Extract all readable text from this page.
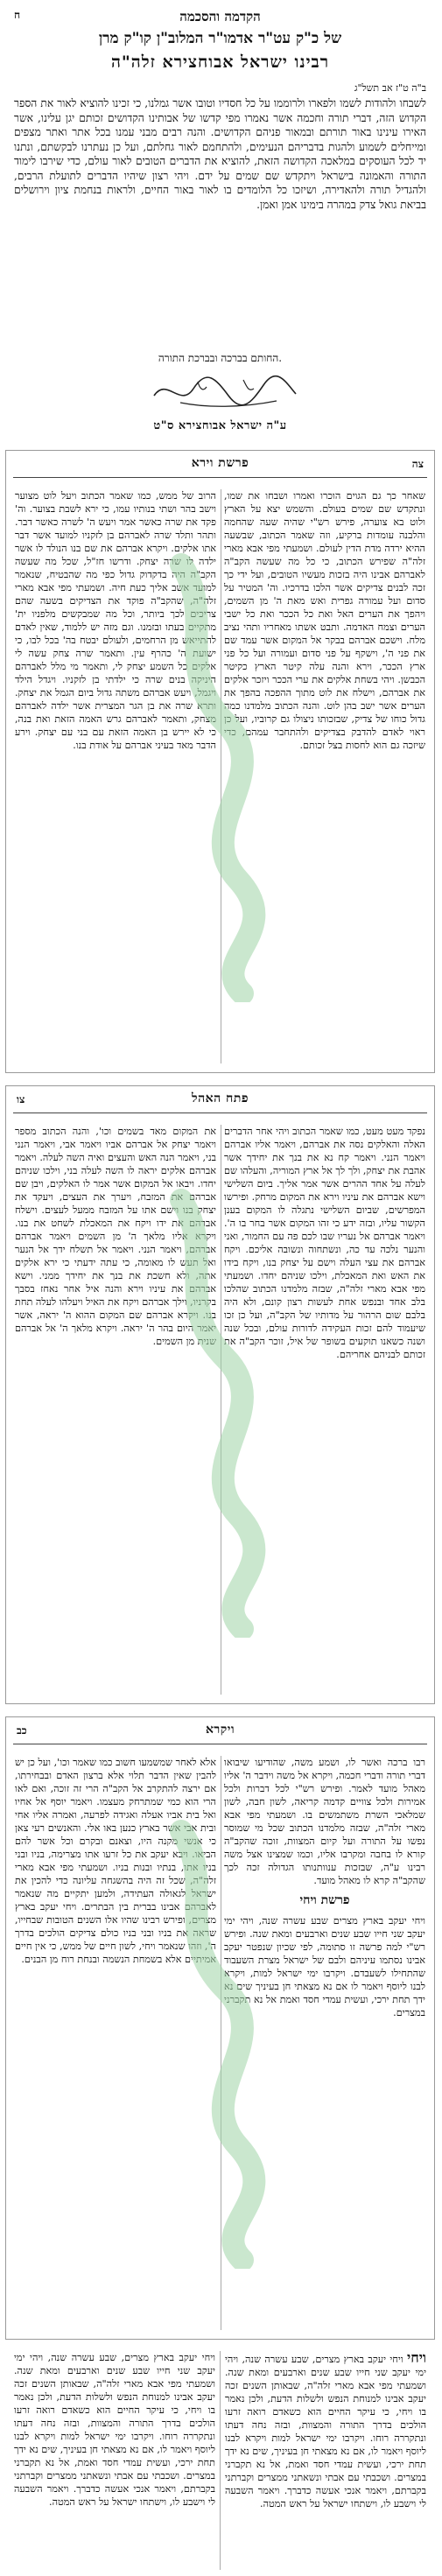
ח	הקדמה והסכמה
של כ"ק עט"ר אדמו"ר המלוב"ן קו"ק מרן
רבינו ישראל אבוחצירא זלה"ה
ב"ה ט"ז אב תשל"ג
לשבחו ולהודות לשמו ולפארו ולרוממו על כל חסדיו וטובו אשר גמלנו, כי זכינו להוציא לאור את הספר הקדוש הזה, דברי תורה וחכמה אשר נאמרו מפי קדשו של אבותינו הקדושים זכותם יגן עלינו, אשר האירו עינינו באור תורתם ובמאור פניהם הקדושים. והנה רבים מבני עמנו בכל אתר ואתר מצפים ומייחלים לשמוע ולהגות בדבריהם הנעימים, ולהתחמם לאור גחלתם, ועל כן נעתרנו לבקשתם, ונתנו יד לכל העוסקים במלאכה הקדושה הזאת, להוציא את הדברים הטובים לאור עולם, כדי שירבו לימוד התורה והאמונה בישראל ויתקדש שם שמים על ידם. ויהי רצון שיהיו הדברים לתועלת הרבים, ולהגדיל תורה ולהאדירה, ושיזכו כל הלומדים בו לאור באור החיים, ולראות בנחמת ציון וירושלים בביאת גואל צדק במהרה בימינו אמן ואמן.
החותם בברכה ובברכת התורה.
ע"ה ישראל אבוחצירא ס"ט
צה
פרשת וירא

שאחר כך גם הגוים הוכרו ואמרו ושבחו את שמו, ונתקדש שם שמים בעולם. והשמש יצא על הארץ ולוט בא צוערה, פירש רש"י שהיה שעה שהחמה והלבנה עומדות ברקיע, וזה שאמר הכתוב, שבשעה ההיא ירדה מדת הדין לעולם. ושמעתי מפי אבא מארי זלה"ה שפירש הכתוב, כי כל מה שעשה הקב"ה לאברהם אבינו היה בזכות מעשיו הטובים, ועל ידי כך זכה לבנים צדיקים אשר הלכו בדרכיו. וה' המטיר על סדום ועל עמורה גפרית ואש מאת ה' מן השמים, ויהפך את הערים האל ואת כל הככר ואת כל ישבי הערים וצמח האדמה. ותבט אשתו מאחריו ותהי נציב מלח. וישכם אברהם בבקר אל המקום אשר עמד שם את פני ה', וישקף על פני סדום ועמורה ועל כל פני ארץ הככר, וירא והנה עלה קיטר הארץ כקיטר הכבשן. ויהי בשחת אלקים את ערי הככר ויזכר אלקים את אברהם, וישלח את לוט מתוך ההפכה בהפך את הערים אשר ישב בהן לוט. והנה הכתוב מלמדנו כמה גדול כוחו של צדיק, שבזכותו ניצולו גם קרוביו, ועל כן ראוי לאדם להדבק בצדיקים ולהתחבר עמהם, כדי שיזכה גם הוא לחסות בצל זכותם.

הרוב של ממש, כמו שאמר הכתוב ויעל לוט מצוער וישב בהר ושתי בנותיו עמו, כי ירא לשבת בצוער. וה' פקד את שרה כאשר אמר ויעש ה' לשרה כאשר דבר. ותהר ותלד שרה לאברהם בן לזקניו למועד אשר דבר אתו אלקים. ויקרא אברהם את שם בנו הנולד לו אשר ילדה לו שרה יצחק. ודרשו חז"ל, שכל מה שעשה הקב"ה היה בדקדוק גדול כפי מה שהבטיח, שנאמר למועד אשב אליך כעת חיה. ושמעתי מפי אבא מארי זלה"ה, שהקב"ה פוקד את הצדיקים בשעה שהם צריכים לכך ביותר, וכל מה שמבקשים מלפניו ית' מתקיים בעתו ובזמנו. וגם מזה יש ללמוד, שאין לאדם להתייאש מן הרחמים, ולעולם יבטח בה' בכל לבו, כי ישועת ה' כהרף עין. ותאמר שרה צחק עשה לי אלקים כל השמע יצחק לי, ותאמר מי מלל לאברהם היניקה בנים שרה כי ילדתי בן לזקניו. ויגדל הילד ויגמל, ויעש אברהם משתה גדול ביום הגמל את יצחק. ותרא שרה את בן הגר המצרית אשר ילדה לאברהם מצחק, ותאמר לאברהם גרש האמה הזאת ואת בנה, כי לא יירש בן האמה הזאת עם בני עם יצחק. וירע הדבר מאד בעיני אברהם על אודת בנו.

צו	פתח האהל

נפקד מעט מעט, כמו שאמר הכתוב ויהי אחר הדברים האלה והאלקים נסה את אברהם, ויאמר אליו אברהם ויאמר הנני. ויאמר קח נא את בנך את יחידך אשר אהבת את יצחק, ולך לך אל ארץ המוריה, והעלהו שם לעלה על אחד ההרים אשר אמר אליך. ביום השלישי וישא אברהם את עיניו וירא את המקום מרחק. ופירשו המפרשים, שביום השלישי נתגלה לו המקום בענן הקשור עליו, ובזה ידע כי זהו המקום אשר בחר בו ה'. ויאמר אברהם אל נעריו שבו לכם פה עם החמור, ואני והנער נלכה עד כה, ונשתחוה ונשובה אליכם. ויקח אברהם את עצי העלה וישם על יצחק בנו, ויקח בידו את האש ואת המאכלת, וילכו שניהם יחדו. ושמעתי מפי אבא מארי זלה"ה, שבזה מלמדנו הכתוב שהלכו בלב אחד ובנפש אחת לעשות רצון קונם, ולא היה בלבם שום הרהור על מדותיו של הקב"ה, ועל כן זכו שיעמוד להם זכות העקידה לדורות עולם, ובכל שנה ושנה כשאנו תוקעים בשופר של איל, זוכר הקב"ה את זכותם לבניהם אחריהם.

את המקום מאד בשמים וכו', והנה הכתוב מספר ויאמר יצחק אל אברהם אביו ויאמר אבי, ויאמר הנני בני, ויאמר הנה האש והעצים ואיה השה לעלה. ויאמר אברהם אלקים יראה לו השה לעלה בני, וילכו שניהם יחדו. ויבאו אל המקום אשר אמר לו האלקים, ויבן שם אברהם את המזבח, ויערך את העצים, ויעקד את יצחק בנו וישם אתו על המזבח ממעל לעצים. וישלח אברהם את ידו ויקח את המאכלת לשחט את בנו. ויקרא אליו מלאך ה' מן השמים ויאמר אברהם אברהם, ויאמר הנני. ויאמר אל תשלח ידך אל הנער ואל תעש לו מאומה, כי עתה ידעתי כי ירא אלקים אתה, ולא חשכת את בנך את יחידך ממני. וישא אברהם את עיניו וירא והנה איל אחר נאחז בסבך בקרניו, וילך אברהם ויקח את האיל ויעלהו לעלה תחת בנו. ויקרא אברהם שם המקום ההוא ה' יראה, אשר יאמר היום בהר ה' יראה. ויקרא מלאך ה' אל אברהם שנית מן השמים.

כב	ויקרא

רבו ברכה ואשר לו, ושמע משה, שהודיעו שיבואו דברי תורה ודברי חכמה, ויקרא אל משה וידבר ה' אליו מאהל מועד לאמר. ופירש רש"י לכל דברות ולכל אמירות ולכל צוויים קדמה קריאה, לשון חבה, לשון שמלאכי השרת משתמשים בו. ושמעתי מפי אבא מארי זלה"ה, שבזה מלמדנו הכתוב שכל מי שמוסר נפשו על התורה ועל קיום המצוות, זוכה שהקב"ה קורא לו בחבה ומקרבו אליו, וכמו שמצינו אצל משה רבינו ע"ה, שבזכות ענוותנותו הגדולה זכה לכך שהקב"ה קרא לו מאהל מועד.

פרשת ויחי

ויחי יעקב בארץ מצרים שבע עשרה שנה, ויהי ימי יעקב שני חייו שבע שנים וארבעים ומאת שנה. ופירש רש"י למה פרשה זו סתומה, לפי שכיון שנפטר יעקב אבינו נסתמו עיניהם ולבם של ישראל מצרת השעבוד שהתחילו לשעבדם. ויקרבו ימי ישראל למות, ויקרא לבנו ליוסף ויאמר לו אם נא מצאתי חן בעיניך שים נא ידך תחת ירכי, ועשית עמדי חסד ואמת אל נא תקברני במצרים.

אלא לאחר שמשמעו חשוב כמו שאמר וכו', ועל כן יש להבין שאין הדבר תלוי אלא ברצון האדם ובבחירתו, אם ירצה להתקרב אל הקב"ה הרי זה זוכה, ואם לאו הרי הוא כמי שמתרחק מעצמו. ויאמר יוסף אל אחיו ואל בית אביו אעלה ואגידה לפרעה, ואמרה אליו אחי ובית אבי אשר בארץ כנען באו אלי. והאנשים רעי צאן כי אנשי מקנה היו, וצאנם ובקרם וכל אשר להם הביאו. ויבא יעקב את כל זרעו אתו מצרימה, בניו ובני בניו אתו, בנתיו ובנות בניו. ושמעתי מפי אבא מארי זלה"ה, שכל זה היה בהשגחה עליונה כדי להכין את ישראל לגאולה העתידה, ולמען יתקיים מה שנאמר לאברהם אבינו בברית בין הבתרים. ויחי יעקב בארץ מצרים, ופירש רבינו שהיו אלו השנים הטובות שבחייו, שראה את בניו ובני בניו כולם צדיקים הולכים בדרך ה', וזהו שנאמר ויחי, לשון חיים של ממש, כי אין חיים אמיתיים אלא בשמחת הנשמה ובנחת רוח מן הבנים.

ויחי ויחי יעקב בארץ מצרים, שבע עשרה שנה, ויהי ימי יעקב שני חייו שבע שנים וארבעים ומאת שנה. ושמעתי מפי אבא מארי זלה"ה, שבאותן השנים זכה יעקב אבינו למנוחת הנפש ולשלות הדעת, ולכן נאמר בו ויחי, כי עיקר החיים הוא כשאדם רואה זרעו הולכים בדרך התורה והמצוות, ובזה נחה דעתו ונתקררה רוחו. ויקרבו ימי ישראל למות ויקרא לבנו ליוסף ויאמר לו, אם נא מצאתי חן בעיניך, שים נא ידך תחת ירכי, ועשית עמדי חסד ואמת, אל נא תקברני במצרים. ושכבתי עם אבתי ונשאתני ממצרים וקברתני בקברתם, ויאמר אנכי אעשה כדברך. ויאמר השבעה לי וישבע לו, וישתחו ישראל על ראש המטה.

ויחי יעקב בארץ מצרים, שבע עשרה שנה, ויהי ימי יעקב שני חייו שבע שנים וארבעים ומאת שנה. ושמעתי מפי אבא מארי זלה"ה, שבאותן השנים זכה יעקב אבינו למנוחת הנפש ולשלות הדעת, ולכן נאמר בו ויחי, כי עיקר החיים הוא כשאדם רואה זרעו הולכים בדרך התורה והמצוות, ובזה נחה דעתו ונתקררה רוחו. ויקרבו ימי ישראל למות ויקרא לבנו ליוסף ויאמר לו, אם נא מצאתי חן בעיניך, שים נא ידך תחת ירכי, ועשית עמדי חסד ואמת, אל נא תקברני במצרים. ושכבתי עם אבתי ונשאתני ממצרים וקברתני בקברתם, ויאמר אנכי אעשה כדברך. ויאמר השבעה לי וישבע לו, וישתחו ישראל על ראש המטה.
